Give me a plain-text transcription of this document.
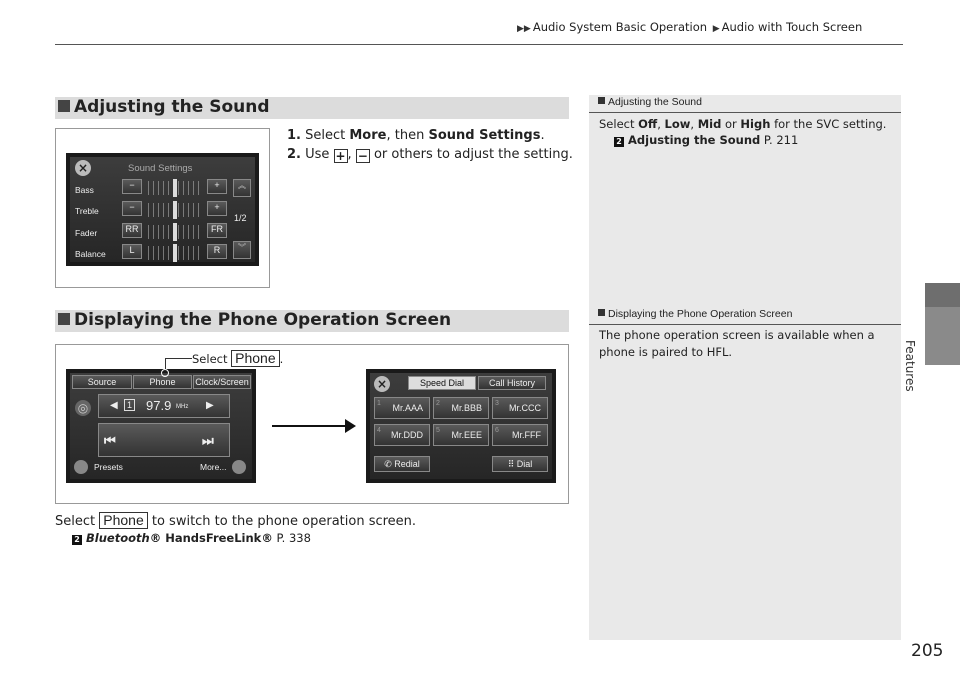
▶▶ Audio System Basic Operation ▶ Audio with Touch Screen
Features
Adjusting the Sound
Select Off, Low, Mid or High for the SVC setting.
2 Adjusting the Sound P. 211
Displaying the Phone Operation Screen
The phone operation screen is available when a
phone is paired to HFL.
Adjusting the Sound
1. Select More, then Sound Settings.
2. Use + , − or others to adjust the setting.
×	Sound Settings
Bass	−	+
Treble	−	+
Fader	RR	FR
Balance	L	R
︽
1/2
︾
Displaying the Phone Operation Screen
Select Phone .
Source	Phone	Clock/Screen
◎ ◀	1 97.9 MHz ▶
⏮	⏭
Presets	More...
×	Speed Dial	Call History
Mr.AAA	Mr.BBB	Mr.CCC
Mr.DDD	Mr.EEE	Mr.FFF
1	2	3
4	5	6
✆ Redial	⠿ Dial
Select Phone to switch to the phone operation screen.
2 Bluetooth® HandsFreeLink® P. 338
205
